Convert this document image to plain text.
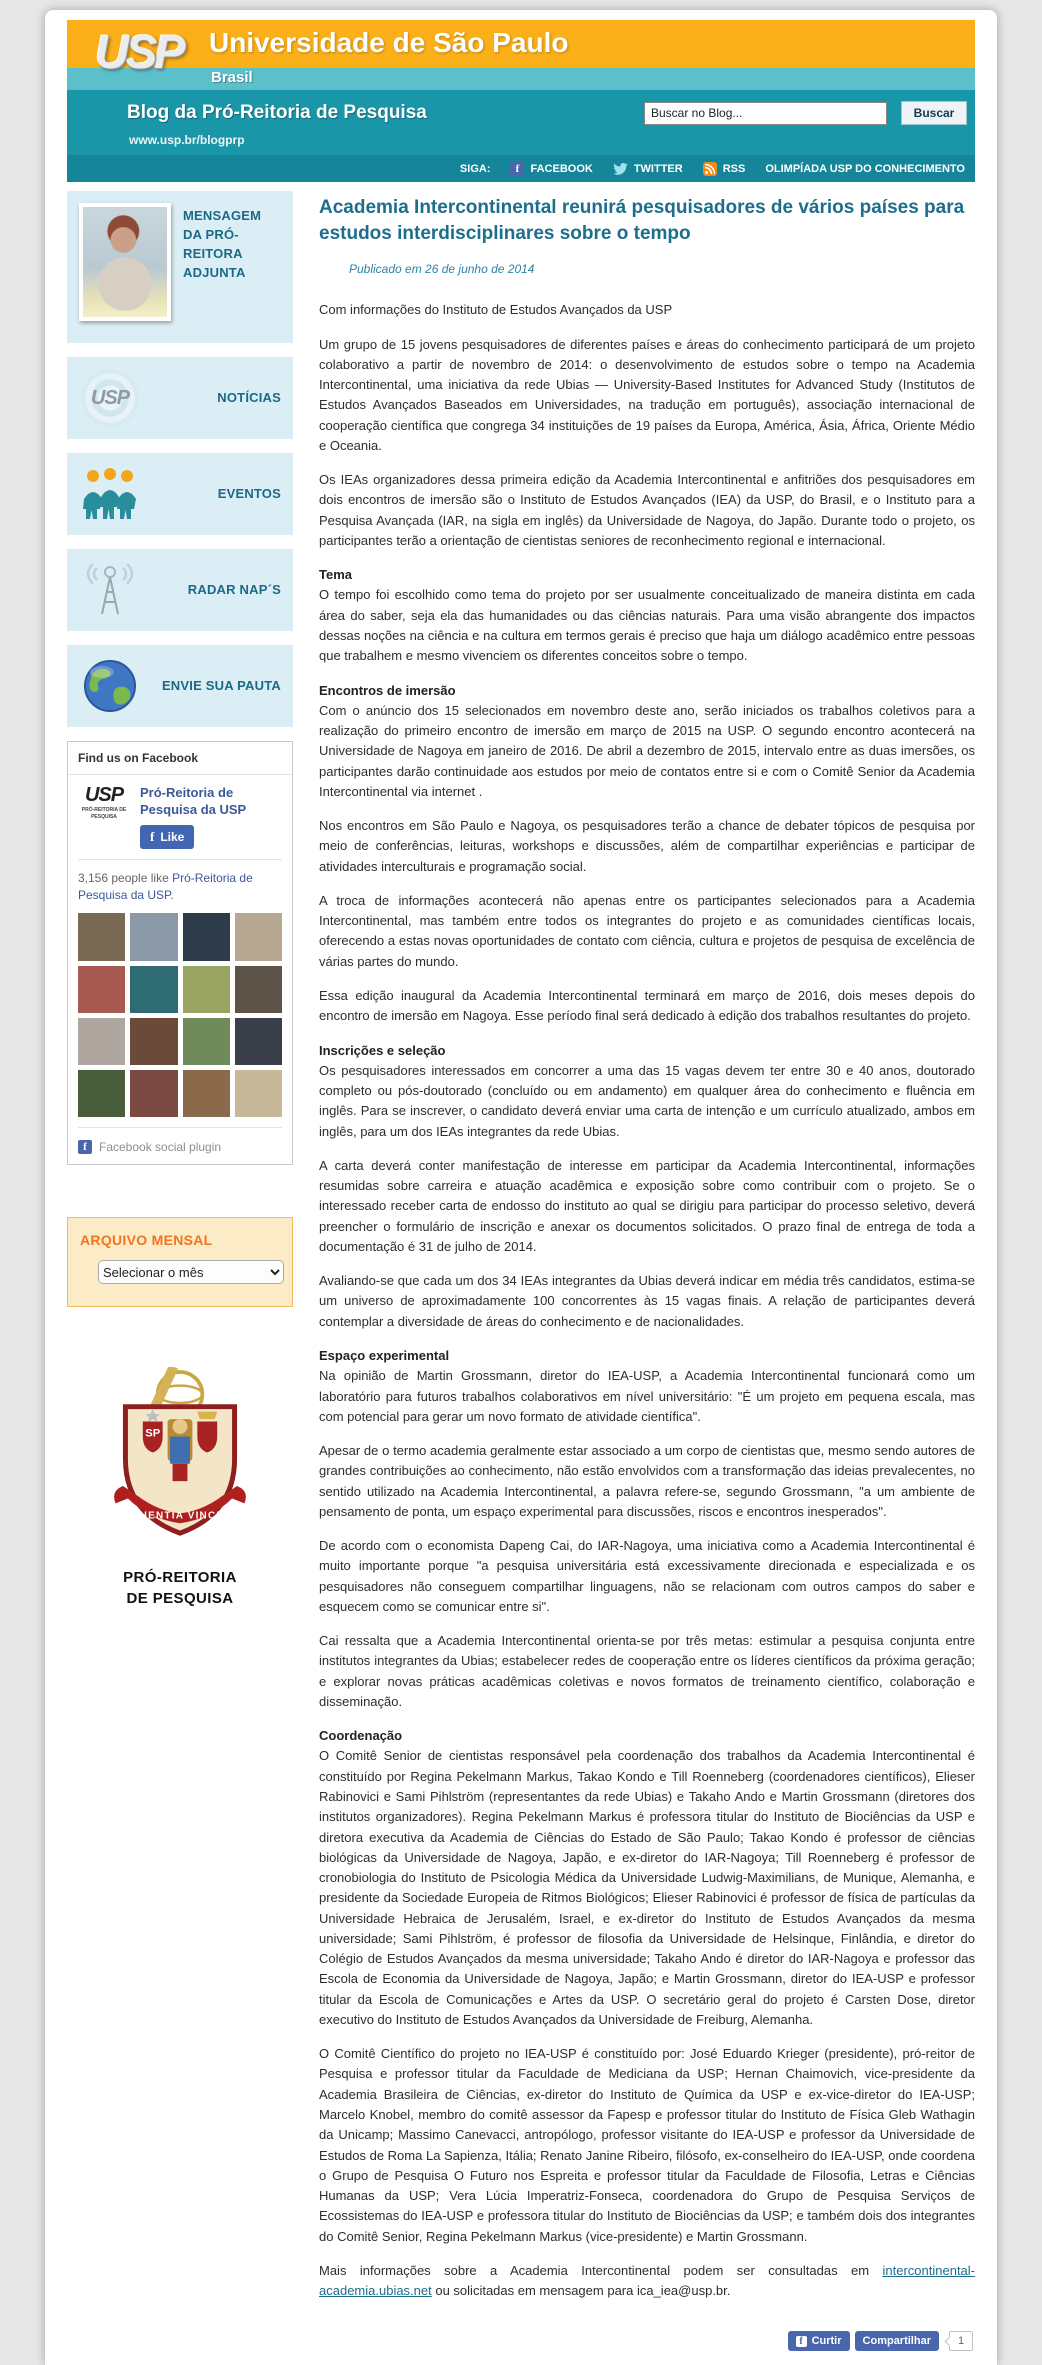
USP Universidade de São Paulo
Brasil
Blog da Pró-Reitoria de Pesquisa
Buscar no Blog...	Buscar
www.usp.br/blogprp
SIGA:	f	FACEBOOK	TWITTER	RSS OLIMPÍADA USP DO CONHECIMENTO
MENSAGEM DA PRÓ-REITORA ADJUNTA
USP	NOTÍCIAS
EVENTOS
RADAR NAP´S
ENVIE SUA PAUTA
Find us on Facebook
USP
PRÓ-REITORIA DE PESQUISA
Pró-Reitoria de Pesquisa da USP
f Like
3,156 people like Pró-Reitoria de Pesquisa da USP.
f	Facebook social plugin
ARQUIVO MENSAL
Selecionar o mês
SP
SCIENTIA VINCES
PRÓ-REITORIA
DE PESQUISA
Academia Intercontinental reunirá pesquisadores de vários países para estudos interdisciplinares sobre o tempo
Publicado em 26 de junho de 2014

Com informações do Instituto de Estudos Avançados da USP

Um grupo de 15 jovens pesquisadores de diferentes países e áreas do conhecimento participará de um projeto colaborativo a partir de novembro de 2014: o desenvolvimento de estudos sobre o tempo na Academia Intercontinental, uma iniciativa da rede Ubias — University-Based Institutes for Advanced Study (Institutos de Estudos Avançados Baseados em Universidades, na tradução em português), associação internacional de cooperação científica que congrega 34 instituições de 19 países da Europa, América, Ásia, África, Oriente Médio e Oceania.

Os IEAs organizadores dessa primeira edição da Academia Intercontinental e anfitriões dos pesquisadores em dois encontros de imersão são o Instituto de Estudos Avançados (IEA) da USP, do Brasil, e o Instituto para a Pesquisa Avançada (IAR, na sigla em inglês) da Universidade de Nagoya, do Japão. Durante todo o projeto, os participantes terão a orientação de cientistas seniores de reconhecimento regional e internacional.

Tema

O tempo foi escolhido como tema do projeto por ser usualmente conceitualizado de maneira distinta em cada área do saber, seja ela das humanidades ou das ciências naturais. Para uma visão abrangente dos impactos dessas noções na ciência e na cultura em termos gerais é preciso que haja um diálogo acadêmico entre pessoas que trabalhem e mesmo vivenciem os diferentes conceitos sobre o tempo.

Encontros de imersão

Com o anúncio dos 15 selecionados em novembro deste ano, serão iniciados os trabalhos coletivos para a realização do primeiro encontro de imersão em março de 2015 na USP. O segundo encontro acontecerá na Universidade de Nagoya em janeiro de 2016. De abril a dezembro de 2015, intervalo entre as duas imersões, os participantes darão continuidade aos estudos por meio de contatos entre si e com o Comitê Senior da Academia Intercontinental via internet .

Nos encontros em São Paulo e Nagoya, os pesquisadores terão a chance de debater tópicos de pesquisa por meio de conferências, leituras, workshops e discussões, além de compartilhar experiências e participar de atividades interculturais e programação social.

A troca de informações acontecerá não apenas entre os participantes selecionados para a Academia Intercontinental, mas também entre todos os integrantes do projeto e as comunidades científicas locais, oferecendo a estas novas oportunidades de contato com ciência, cultura e projetos de pesquisa de excelência de várias partes do mundo.

Essa edição inaugural da Academia Intercontinental terminará em março de 2016, dois meses depois do encontro de imersão em Nagoya. Esse período final será dedicado à edição dos trabalhos resultantes do projeto.

Inscrições e seleção

Os pesquisadores interessados em concorrer a uma das 15 vagas devem ter entre 30 e 40 anos, doutorado completo ou pós-doutorado (concluído ou em andamento) em qualquer área do conhecimento e fluência em inglês. Para se inscrever, o candidato deverá enviar uma carta de intenção e um currículo atualizado, ambos em inglês, para um dos IEAs integrantes da rede Ubias.

A carta deverá conter manifestação de interesse em participar da Academia Intercontinental, informações resumidas sobre carreira e atuação acadêmica e exposição sobre como contribuir com o projeto. Se o interessado receber carta de endosso do instituto ao qual se dirigiu para participar do processo seletivo, deverá preencher o formulário de inscrição e anexar os documentos solicitados. O prazo final de entrega de toda a documentação é 31 de julho de 2014.

Avaliando-se que cada um dos 34 IEAs integrantes da Ubias deverá indicar em média três candidatos, estima-se um universo de aproximadamente 100 concorrentes às 15 vagas finais. A relação de participantes deverá contemplar a diversidade de áreas do conhecimento e de nacionalidades.

Espaço experimental

Na opinião de Martin Grossmann, diretor do IEA-USP, a Academia Intercontinental funcionará como um laboratório para futuros trabalhos colaborativos em nível universitário: "É um projeto em pequena escala, mas com potencial para gerar um novo formato de atividade científica".

Apesar de o termo academia geralmente estar associado a um corpo de cientistas que, mesmo sendo autores de grandes contribuições ao conhecimento, não estão envolvidos com a transformação das ideias prevalecentes, no sentido utilizado na Academia Intercontinental, a palavra refere-se, segundo Grossmann, "a um ambiente de pensamento de ponta, um espaço experimental para discussões, riscos e encontros inesperados".

De acordo com o economista Dapeng Cai, do IAR-Nagoya, uma iniciativa como a Academia Intercontinental é muito importante porque "a pesquisa universitária está excessivamente direcionada e especializada e os pesquisadores não conseguem compartilhar linguagens, não se relacionam com outros campos do saber e esquecem como se comunicar entre si".

Cai ressalta que a Academia Intercontinental orienta-se por três metas: estimular a pesquisa conjunta entre institutos integrantes da Ubias; estabelecer redes de cooperação entre os líderes científicos da próxima geração; e explorar novas práticas acadêmicas coletivas e novos formatos de treinamento científico, colaboração e disseminação.

Coordenação

O Comitê Senior de cientistas responsável pela coordenação dos trabalhos da Academia Intercontinental é constituído por Regina Pekelmann Markus, Takao Kondo e Till Roenneberg (coordenadores científicos), Elieser Rabinovici e Sami Pihlström (representantes da rede Ubias) e Takaho Ando e Martin Grossmann (diretores dos institutos organizadores). Regina Pekelmann Markus é professora titular do Instituto de Biociências da USP e diretora executiva da Academia de Ciências do Estado de São Paulo; Takao Kondo é professor de ciências biológicas da Universidade de Nagoya, Japão, e ex-diretor do IAR-Nagoya; Till Roenneberg é professor de cronobiologia do Instituto de Psicologia Médica da Universidade Ludwig-Maximilians, de Munique, Alemanha, e presidente da Sociedade Europeia de Ritmos Biológicos; Elieser Rabinovici é professor de física de partículas da Universidade Hebraica de Jerusalém, Israel, e ex-diretor do Instituto de Estudos Avançados da mesma universidade; Sami Pihlström, é professor de filosofia da Universidade de Helsinque, Finlândia, e diretor do Colégio de Estudos Avançados da mesma universidade; Takaho Ando é diretor do IAR-Nagoya e professor das Escola de Economia da Universidade de Nagoya, Japão; e Martin Grossmann, diretor do IEA-USP e professor titular da Escola de Comunicações e Artes da USP. O secretário geral do projeto é Carsten Dose, diretor executivo do Instituto de Estudos Avançados da Universidade de Freiburg, Alemanha.

O Comitê Científico do projeto no IEA-USP é constituído por: José Eduardo Krieger (presidente), pró-reitor de Pesquisa e professor titular da Faculdade de Mediciana da USP; Hernan Chaimovich, vice-presidente da Academia Brasileira de Ciências, ex-diretor do Instituto de Química da USP e ex-vice-diretor do IEA-USP; Marcelo Knobel, membro do comitê assessor da Fapesp e professor titular do Instituto de Física Gleb Wathagin da Unicamp; Massimo Canevacci, antropólogo, professor visitante do IEA-USP e professor da Universidade de Estudos de Roma La Sapienza, Itália; Renato Janine Ribeiro, filósofo, ex-conselheiro do IEA-USP, onde coordena o Grupo de Pesquisa O Futuro nos Espreita e professor titular da Faculdade de Filosofia, Letras e Ciências Humanas da USP; Vera Lúcia Imperatriz-Fonseca, coordenadora do Grupo de Pesquisa Serviços de Ecossistemas do IEA-USP e professora titular do Instituto de Biociências da USP; e também dois dos integrantes do Comitê Senior, Regina Pekelmann Markus (vice-presidente) e Martin Grossmann.

Mais informações sobre a Academia Intercontinental podem ser consultadas em intercontinental-academia.ubias.net ou solicitadas em mensagem para ica_iea@usp.br.

f Curtir Compartilhar	1
